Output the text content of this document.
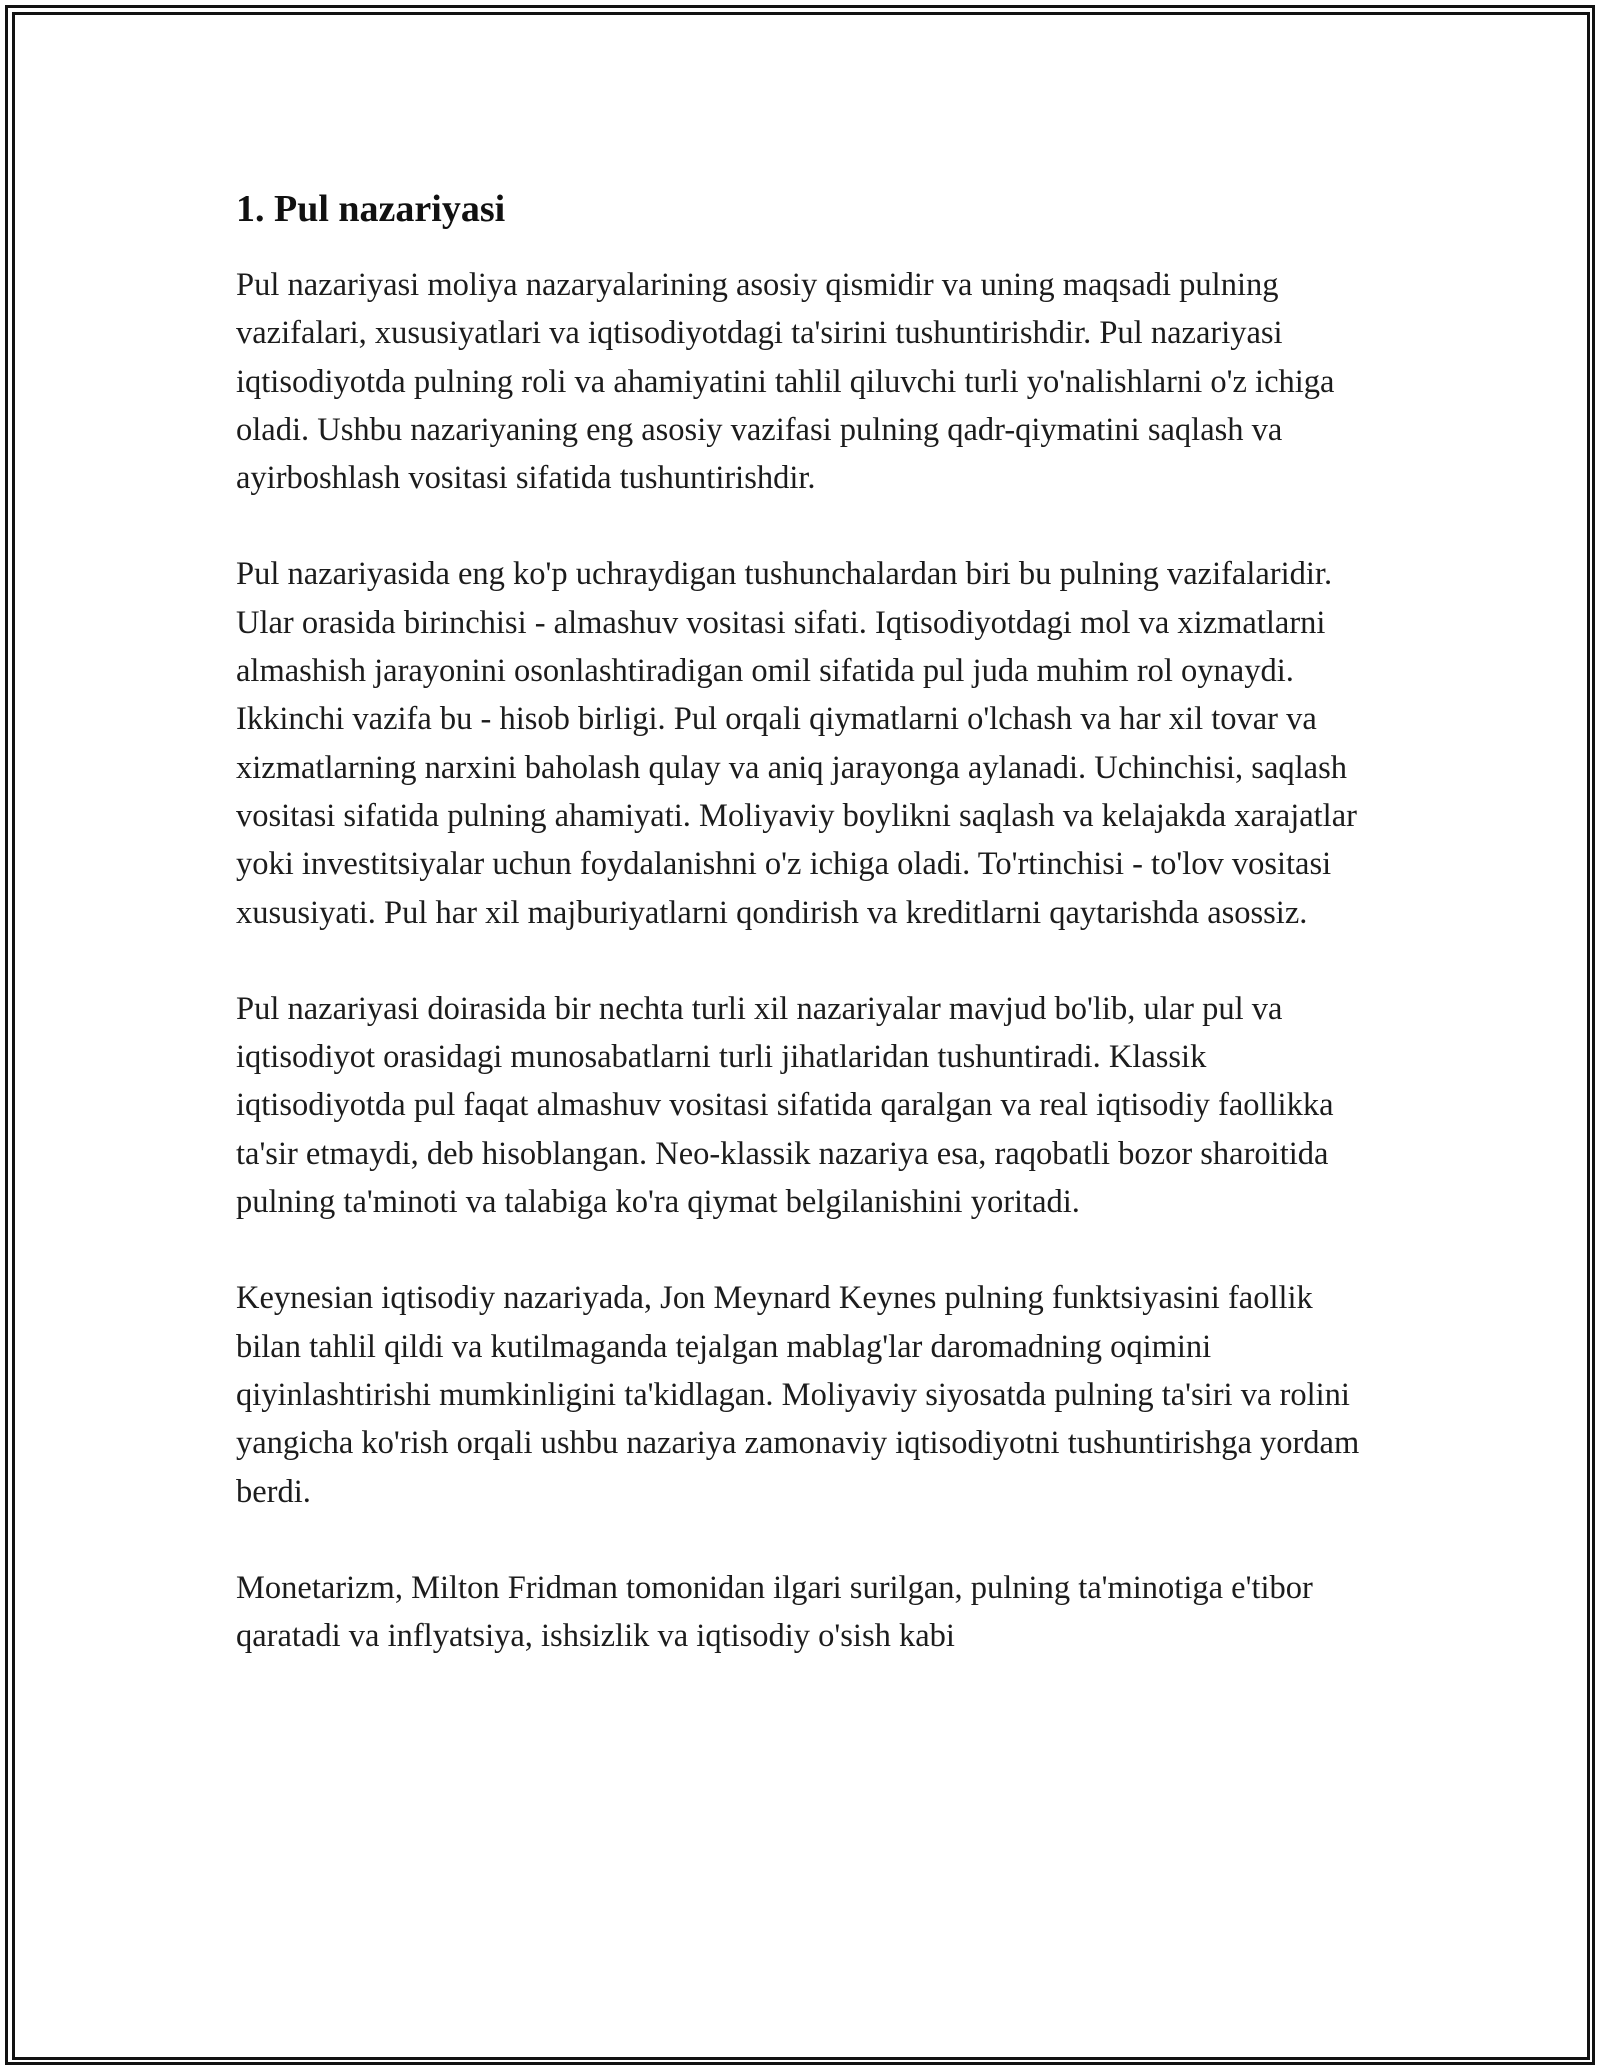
1. Pul nazariyasi

Pul nazariyasi moliya nazaryalarining asosiy qismidir va uning maqsadi pulning vazifalari, xususiyatlari va iqtisodiyotdagi ta'sirini tushuntirishdir. Pul nazariyasi iqtisodiyotda pulning roli va ahamiyatini tahlil qiluvchi turli yo'nalishlarni o'z ichiga oladi. Ushbu nazariyaning eng asosiy vazifasi pulning qadr-qiymatini saqlash va ayirboshlash vositasi sifatida tushuntirishdir.

Pul nazariyasida eng ko'p uchraydigan tushunchalardan biri bu pulning vazifalaridir. Ular orasida birinchisi - almashuv vositasi sifati. Iqtisodiyotdagi mol va xizmatlarni almashish jarayonini osonlashtiradigan omil sifatida pul juda muhim rol oynaydi. Ikkinchi vazifa bu - hisob birligi. Pul orqali qiymatlarni o'lchash va har xil tovar va xizmatlarning narxini baholash qulay va aniq jarayonga aylanadi. Uchinchisi, saqlash vositasi sifatida pulning ahamiyati. Moliyaviy boylikni saqlash va kelajakda xarajatlar yoki investitsiyalar uchun foydalanishni o'z ichiga oladi. To'rtinchisi - to'lov vositasi xususiyati. Pul har xil majburiyatlarni qondirish va kreditlarni qaytarishda asossiz.

Pul nazariyasi doirasida bir nechta turli xil nazariyalar mavjud bo'lib, ular pul va iqtisodiyot orasidagi munosabatlarni turli jihatlaridan tushuntiradi. Klassik iqtisodiyotda pul faqat almashuv vositasi sifatida qaralgan va real iqtisodiy faollikka ta'sir etmaydi, deb hisoblangan. Neo-klassik nazariya esa, raqobatli bozor sharoitida pulning ta'minoti va talabiga ko'ra qiymat belgilanishini yoritadi.

Keynesian iqtisodiy nazariyada, Jon Meynard Keynes pulning funktsiyasini faollik bilan tahlil qildi va kutilmaganda tejalgan mablag'lar daromadning oqimini qiyinlashtirishi mumkinligini ta'kidlagan. Moliyaviy siyosatda pulning ta'siri va rolini yangicha ko'rish orqali ushbu nazariya zamonaviy iqtisodiyotni tushuntirishga yordam berdi.

Monetarizm, Milton Fridman tomonidan ilgari surilgan, pulning ta'minotiga e'tibor qaratadi va inflyatsiya, ishsizlik va iqtisodiy o'sish kabi
